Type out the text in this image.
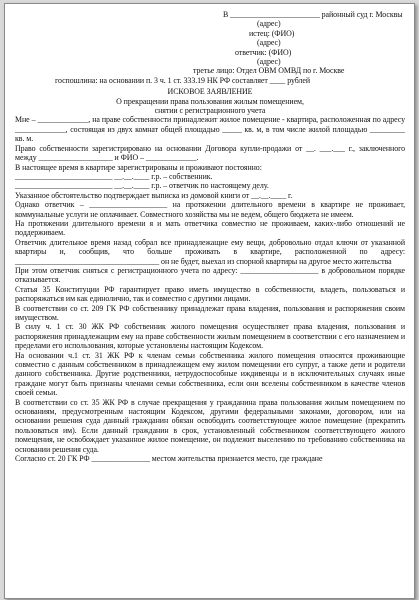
В _______________________ районный суд г. Москвы
(адрес)
истец: (ФИО)
(адрес)
ответчик: (ФИО)
(адрес)
третье лицо: Отдел ОВМ ОМВД по г. Москве
госпошлина: на основании п. 3 ч. 1 ст. 333.19 НК РФ составляет ____ рублей
ИСКОВОЕ ЗАЯВЛЕНИЕ
О прекращении права пользования жилым помещением,
снятии с регистрационного учета

Мне – _____________, на праве собственности принадлежит жилое помещение - квартира, расположенная по адресу _____________, состоящая из двух комнат общей площадью _____ кв. м, в том числе жилой площадью _________ кв. м.

Право собственности зарегистрировано на основании Договора купли-продажи от __. ___.___ г., заключенного между ___________________ и ФИО – _____________.

В настоящее время в квартире зарегистрированы и проживают постоянно:

_________________________ __.__.____ г.р. – собственник.

_________________________ __.__.____ г.р. – ответчик по настоящему делу.

Указанное обстоятельство подтверждает выписка из домовой книги от __.__.____ г.

Однако ответчик – ____________________ на протяжении длительного времени в квартире не проживает, коммунальные услуги не оплачивает. Совместного хозяйства мы не ведем, общего бюджета не имеем.

На протяжении длительного времени я и мать ответчика совместно не проживаем, каких-либо отношений не поддерживаем.

Ответчик длительное время назад собрал все принадлежащие ему вещи, добровольно отдал ключи от указанной квартиры и, сообщив, что больше проживать в квартире, расположенной по адресу: _____________________________________ он не будет, выехал из спорной квартиры на другое место жительства

При этом ответчик сняться с регистрационного учета по адресу: ____________________ в добровольном порядке отказывается.

Статья 35 Конституции РФ гарантирует право иметь имущество в собственности, владеть, пользоваться и распоряжаться им как единолично, так и совместно с другими лицами.

В соответствии со ст. 209 ГК РФ собственнику принадлежат права владения, пользования и распоряжения своим имуществом.

В силу ч. 1 ст. 30 ЖК РФ собственник жилого помещения осуществляет права владения, пользования и распоряжения принадлежащим ему на праве собственности жилым помещением в соответствии с его назначением и пределами его использования, которые установлены настоящим Кодексом.

На основании ч.1 ст. 31 ЖК РФ к членам семьи собственника жилого помещения относятся проживающие совместно с данным собственником в принадлежащем ему жилом помещении его супруг, а также дети и родители данного собственника. Другие родственники, нетрудоспособные иждивенцы и в исключительных случаях иные граждане могут быть признаны членами семьи собственника, если они вселены собственником в качестве членов своей семьи.

В соответствии со ст. 35 ЖК РФ в случае прекращения у гражданина права пользования жилым помещением по основаниям, предусмотренным настоящим Кодексом, другими федеральными законами, договором, или на основании решения суда данный гражданин обязан освободить соответствующее жилое помещение (прекратить пользоваться им). Если данный гражданин в срок, установленный собственником соответствующего жилого помещения, не освобождает указанное жилое помещение, он подлежит выселению по требованию собственника на основании решения суда.

Согласно ст. 20 ГК РФ _______________ местом жительства признается место, где граждане
